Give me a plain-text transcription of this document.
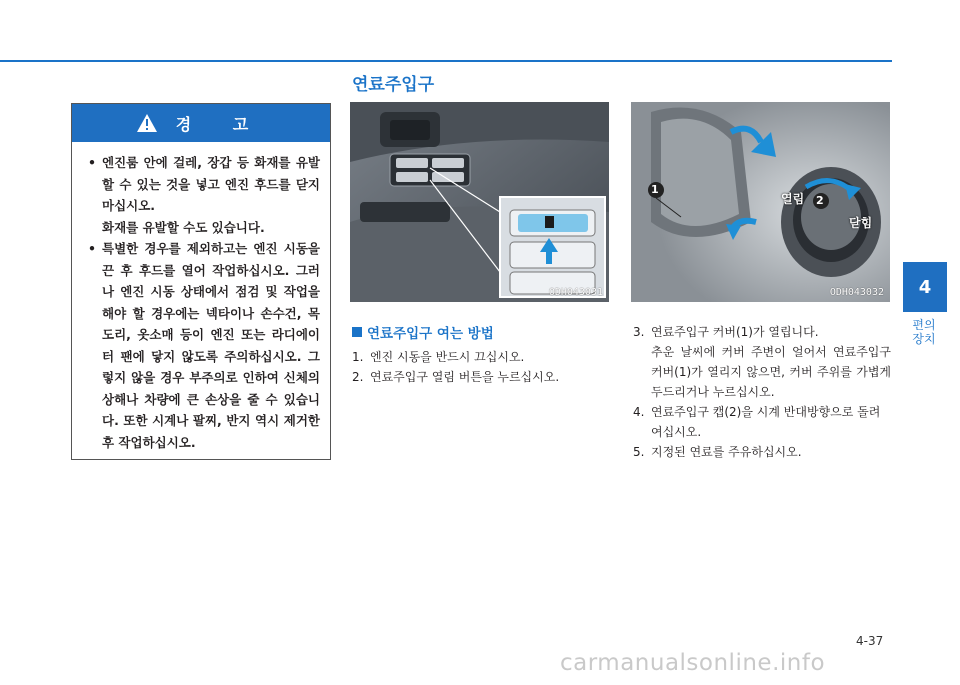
연료주입구
경 고
• 엔진룸 안에 걸레, 장갑 등 화재를 유발할 수 있는 것을 넣고 엔진 후드를 닫지 마십시오.
화재를 유발할 수도 있습니다.
• 특별한 경우를 제외하고는 엔진 시동을 끈 후 후드를 열어 작업하십시오. 그러나 엔진 시동 상태에서 점검 및 작업을 해야 할 경우에는 넥타이나 손수건, 목도리, 옷소매 등이 엔진 또는 라디에이터 팬에 닿지 않도록 주의하십시오. 그렇지 않을 경우 부주의로 인하여 신체의 상해나 차량에 큰 손상을 줄 수 있습니다. 또한 시계나 팔찌, 반지 역시 제거한 후 작업하십시오.
ODH043031
1
2
열림
닫힘
ODH043032
연료주입구 여는 방법
1. 엔진 시동을 반드시 끄십시오.
2. 연료주입구 열림 버튼을 누르십시오.
3. 연료주입구 커버(1)가 열립니다.
추운 날씨에 커버 주변이 얼어서 연료주입구 커버(1)가 열리지 않으면, 커버 주위를 가볍게 두드리거나 누르십시오.
4. 연료주입구 캡(2)을 시계 반대방향으로 돌려 여십시오.
5. 지정된 연료를 주유하십시오.
4
편의 장치
4-37
carmanualsonline.info
